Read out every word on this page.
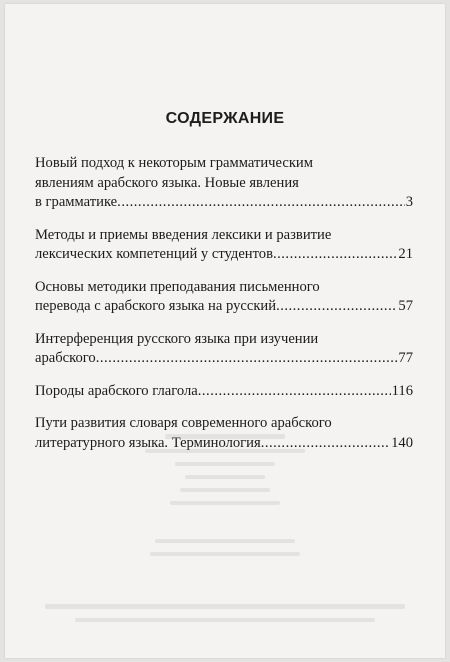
СОДЕРЖАНИЕ
Новый подход к некоторым грамматическим
явлениям арабского языка. Новые явления
в грамматике .....	3
Методы и приемы введения лексики и развитие
лексических компетенций у студентов .....	21
Основы методики преподавания письменного
перевода с арабского языка на русский .....	57
Интерференция русского языка при изучении
арабского .....	77
Породы арабского глагола .....	116
Пути развития словаря современного арабского
литературного языка. Терминология .....	140
